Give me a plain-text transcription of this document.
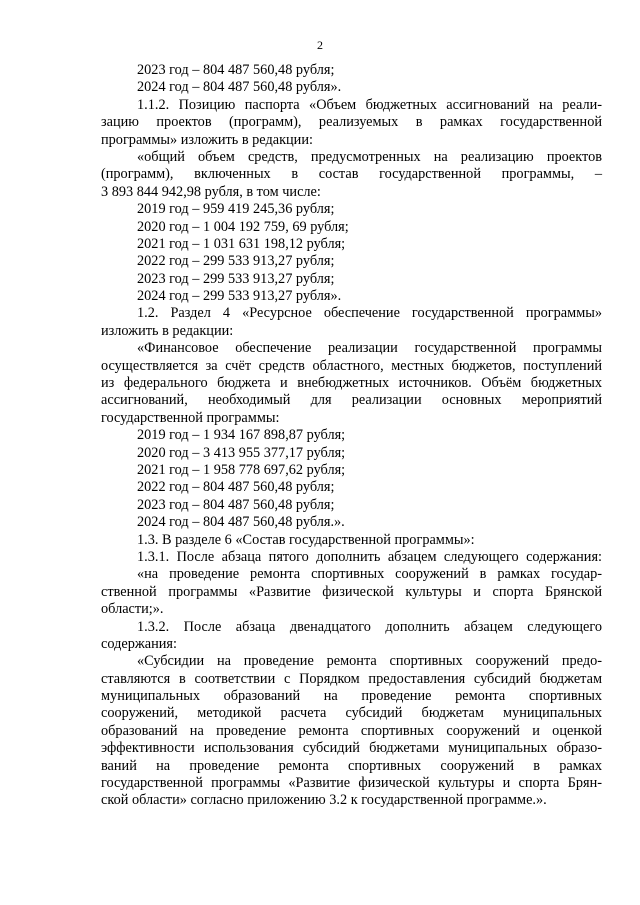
2
2023 год – 804 487 560,48 рубля;
2024 год – 804 487 560,48 рубля».
1.1.2. Позицию паспорта «Объем бюджетных ассигнований на реали-
зацию проектов (программ), реализуемых в рамках государственной
программы» изложить в редакции:
«общий объем средств, предусмотренных на реализацию проектов
(программ), включенных в состав государственной программы, –
3 893 844 942,98 рубля, в том числе:
2019 год – 959 419 245,36 рубля;
2020 год – 1 004 192 759, 69 рубля;
2021 год – 1 031 631 198,12 рубля;
2022 год – 299 533 913,27 рубля;
2023 год – 299 533 913,27 рубля;
2024 год – 299 533 913,27 рубля».
1.2. Раздел 4 «Ресурсное обеспечение государственной программы»
изложить в редакции:
«Финансовое обеспечение реализации государственной программы
осуществляется за счёт средств областного, местных бюджетов, поступлений
из федерального бюджета и внебюджетных источников. Объём бюджетных
ассигнований, необходимый для реализации основных мероприятий
государственной программы:
2019 год – 1 934 167 898,87 рубля;
2020 год – 3 413 955 377,17 рубля;
2021 год – 1 958 778 697,62 рубля;
2022 год – 804 487 560,48 рубля;
2023 год – 804 487 560,48 рубля;
2024 год – 804 487 560,48 рубля.».
1.3. В разделе 6 «Состав государственной программы»:
1.3.1. После абзаца пятого дополнить абзацем следующего содержания:
«на проведение ремонта спортивных сооружений в рамках государ-
ственной программы «Развитие физической культуры и спорта Брянской
области;».
1.3.2. После абзаца двенадцатого дополнить абзацем следующего
содержания:
«Субсидии на проведение ремонта спортивных сооружений предо-
ставляются в соответствии с Порядком предоставления субсидий бюджетам
муниципальных образований на проведение ремонта спортивных
сооружений, методикой расчета субсидий бюджетам муниципальных
образований на проведение ремонта спортивных сооружений и оценкой
эффективности использования субсидий бюджетами муниципальных образо-
ваний на проведение ремонта спортивных сооружений в рамках
государственной программы «Развитие физической культуры и спорта Брян-
ской области» согласно приложению 3.2 к государственной программе.».
